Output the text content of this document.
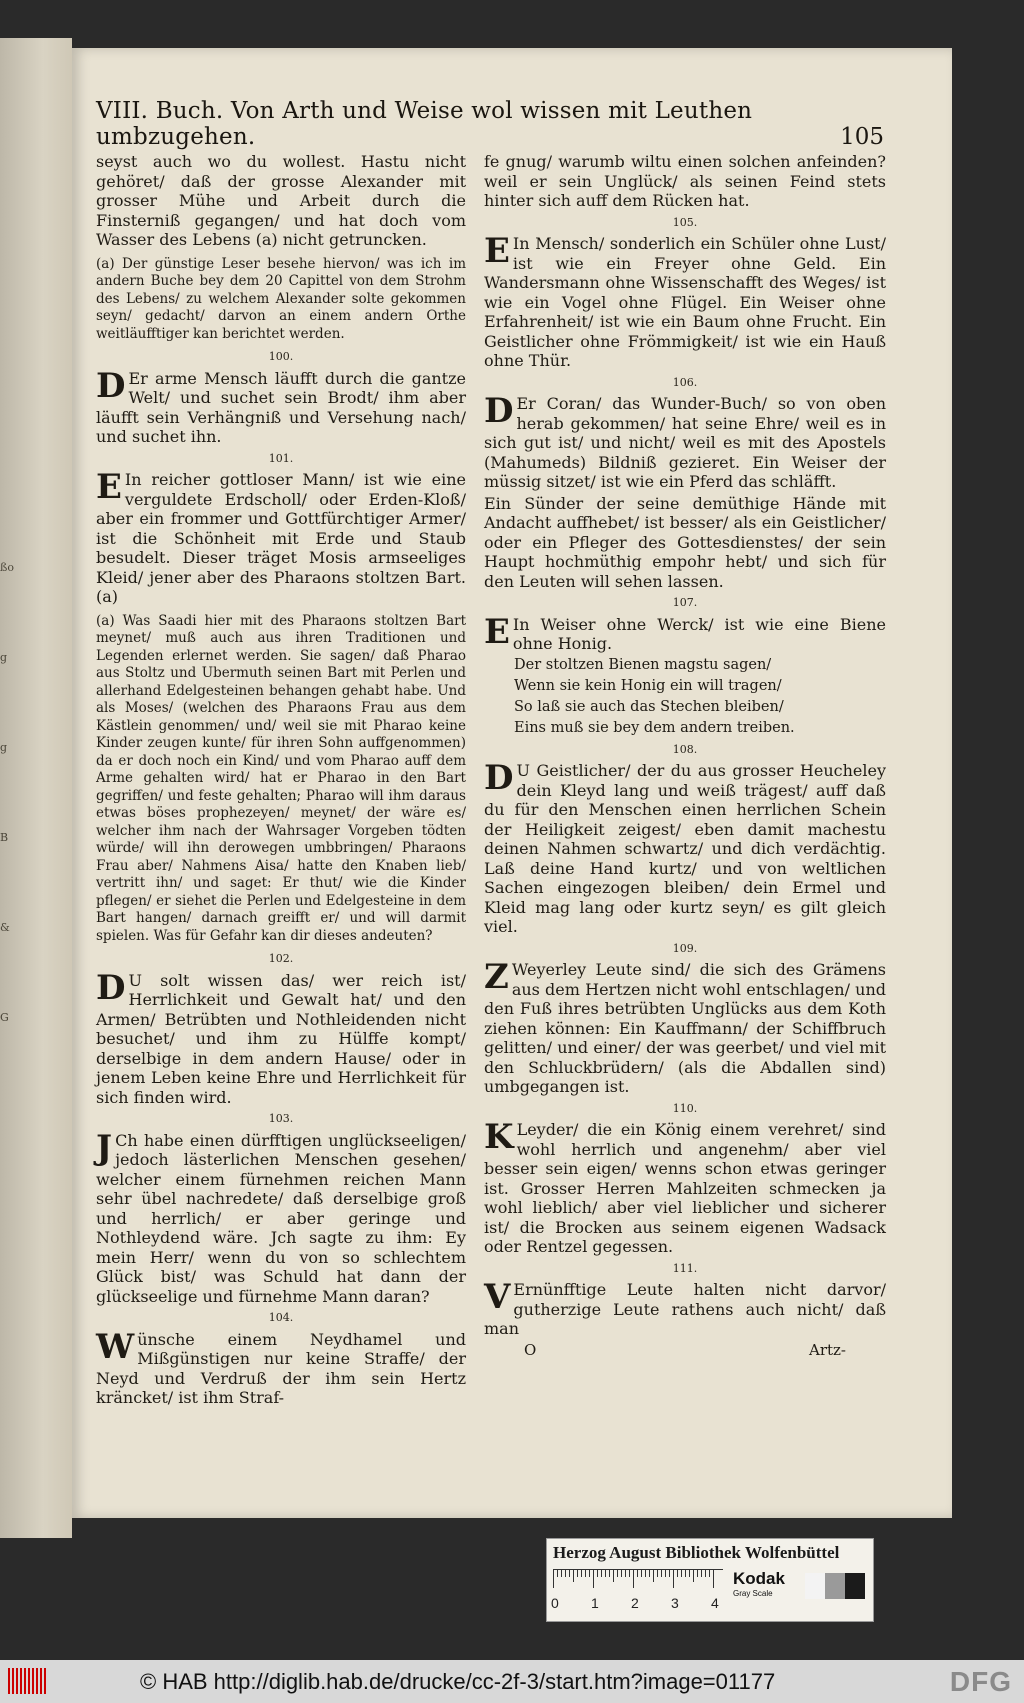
ßo
g
g
B
&
G
VIII. Buch. Von Arth und Weise wol wissen mit Leuthen umbzugehen.	105
seyst auch wo du wollest. Hastu nicht gehöret/ daß der grosse Alexander mit grosser Mühe und Arbeit durch die Finsterniß gegangen/ und hat doch vom Wasser des Lebens (a) nicht getruncken.
(a) Der günstige Leser besehe hiervon/ was ich im andern Buche bey dem 20 Capittel von dem Strohm des Lebens/ zu welchem Alexander solte gekommen seyn/ gedacht/ darvon an einem andern Orthe weitläufftiger kan berichtet werden.
100.
D Er arme Mensch läufft durch die gantze Welt/ und suchet sein Brodt/ ihm aber läufft sein Verhängniß und Versehung nach/ und suchet ihn.
101.
E In reicher gottloser Mann/ ist wie eine verguldete Erdscholl/ oder Erden-Kloß/ aber ein frommer und Gottfürchtiger Armer/ ist die Schönheit mit Erde und Staub besudelt. Dieser träget Mosis armseeliges Kleid/ jener aber des Pharaons stoltzen Bart. (a)
(a) Was Saadi hier mit des Pharaons stoltzen Bart meynet/ muß auch aus ihren Traditionen und Legenden erlernet werden. Sie sagen/ daß Pharao aus Stoltz und Ubermuth seinen Bart mit Perlen und allerhand Edelgesteinen behangen gehabt habe. Und als Moses/ (welchen des Pharaons Frau aus dem Kästlein genommen/ und/ weil sie mit Pharao keine Kinder zeugen kunte/ für ihren Sohn auffgenommen) da er doch noch ein Kind/ und vom Pharao auff dem Arme gehalten wird/ hat er Pharao in den Bart gegriffen/ und feste gehalten; Pharao will ihm daraus etwas böses prophezeyen/ meynet/ der wäre es/ welcher ihm nach der Wahrsager Vorgeben tödten würde/ will ihn derowegen umbbringen/ Pharaons Frau aber/ Nahmens Aisa/ hatte den Knaben lieb/ vertritt ihn/ und saget: Er thut/ wie die Kinder pflegen/ er siehet die Perlen und Edelgesteine in dem Bart hangen/ darnach greifft er/ und will darmit spielen. Was für Gefahr kan dir dieses andeuten?
102.
D U solt wissen das/ wer reich ist/ Herrlichkeit und Gewalt hat/ und den Armen/ Betrübten und Nothleidenden nicht besuchet/ und ihm zu Hülffe kompt/ derselbige in dem andern Hause/ oder in jenem Leben keine Ehre und Herrlichkeit für sich finden wird.
103.
J Ch habe einen dürfftigen unglückseeligen/ jedoch lästerlichen Menschen gesehen/ welcher einem fürnehmen reichen Mann sehr übel nachredete/ daß derselbige groß und herrlich/ er aber geringe und Nothleydend wäre. Jch sagte zu ihm: Ey mein Herr/ wenn du von so schlechtem Glück bist/ was Schuld hat dann der glückseelige und fürnehme Mann daran?
104.
Wünsche einem Neydhamel und Mißgünstigen nur keine Straffe/ der Neyd und Verdruß der ihm sein Hertz kräncket/ ist ihm Straf-
fe gnug/ warumb wiltu einen solchen anfeinden? weil er sein Unglück/ als seinen Feind stets hinter sich auff dem Rücken hat.
105.
E In Mensch/ sonderlich ein Schüler ohne Lust/ ist wie ein Freyer ohne Geld. Ein Wandersmann ohne Wissenschafft des Weges/ ist wie ein Vogel ohne Flügel. Ein Weiser ohne Erfahrenheit/ ist wie ein Baum ohne Frucht. Ein Geistlicher ohne Frömmigkeit/ ist wie ein Hauß ohne Thür.
106.
D Er Coran/ das Wunder-Buch/ so von oben herab gekommen/ hat seine Ehre/ weil es in sich gut ist/ und nicht/ weil es mit des Apostels (Mahumeds) Bildniß gezieret. Ein Weiser der müssig sitzet/ ist wie ein Pferd das schläfft.
Ein Sünder der seine demüthige Hände mit Andacht auffhebet/ ist besser/ als ein Geistlicher/ oder ein Pfleger des Gottesdienstes/ der sein Haupt hochmüthig empohr hebt/ und sich für den Leuten will sehen lassen.
107.
E In Weiser ohne Werck/ ist wie eine Biene ohne Honig.
Der stoltzen Bienen magstu sagen/
Wenn sie kein Honig ein will tragen/
So laß sie auch das Stechen bleiben/
Eins muß sie bey dem andern treiben.
108.
D U Geistlicher/ der du aus grosser Heucheley dein Kleyd lang und weiß trägest/ auff daß du für den Menschen einen herrlichen Schein der Heiligkeit zeigest/ eben damit machestu deinen Nahmen schwartz/ und dich verdächtig. Laß deine Hand kurtz/ und von weltlichen Sachen eingezogen bleiben/ dein Ermel und Kleid mag lang oder kurtz seyn/ es gilt gleich viel.
109.
Z Weyerley Leute sind/ die sich des Grämens aus dem Hertzen nicht wohl entschlagen/ und den Fuß ihres betrübten Unglücks aus dem Koth ziehen können: Ein Kauffmann/ der Schiffbruch gelitten/ und einer/ der was geerbet/ und viel mit den Schluckbrüdern/ (als die Abdallen sind) umbgegangen ist.
110.
K Leyder/ die ein König einem verehret/ sind wohl herrlich und angenehm/ aber viel besser sein eigen/ wenns schon etwas geringer ist. Grosser Herren Mahlzeiten schmecken ja wohl lieblich/ aber viel lieblicher und sicherer ist/ die Brocken aus seinem eigenen Wadsack oder Rentzel gegessen.
111.
V Ernünfftige Leute halten nicht darvor/ gutherzige Leute rathens auch nicht/ daß man
O	Artz-
Herzog August Bibliothek Wolfenbüttel
0 1 2 3 4
Kodak
Gray Scale
© HAB http://diglib.hab.de/drucke/cc-2f-3/start.htm?image=01177	DFG
